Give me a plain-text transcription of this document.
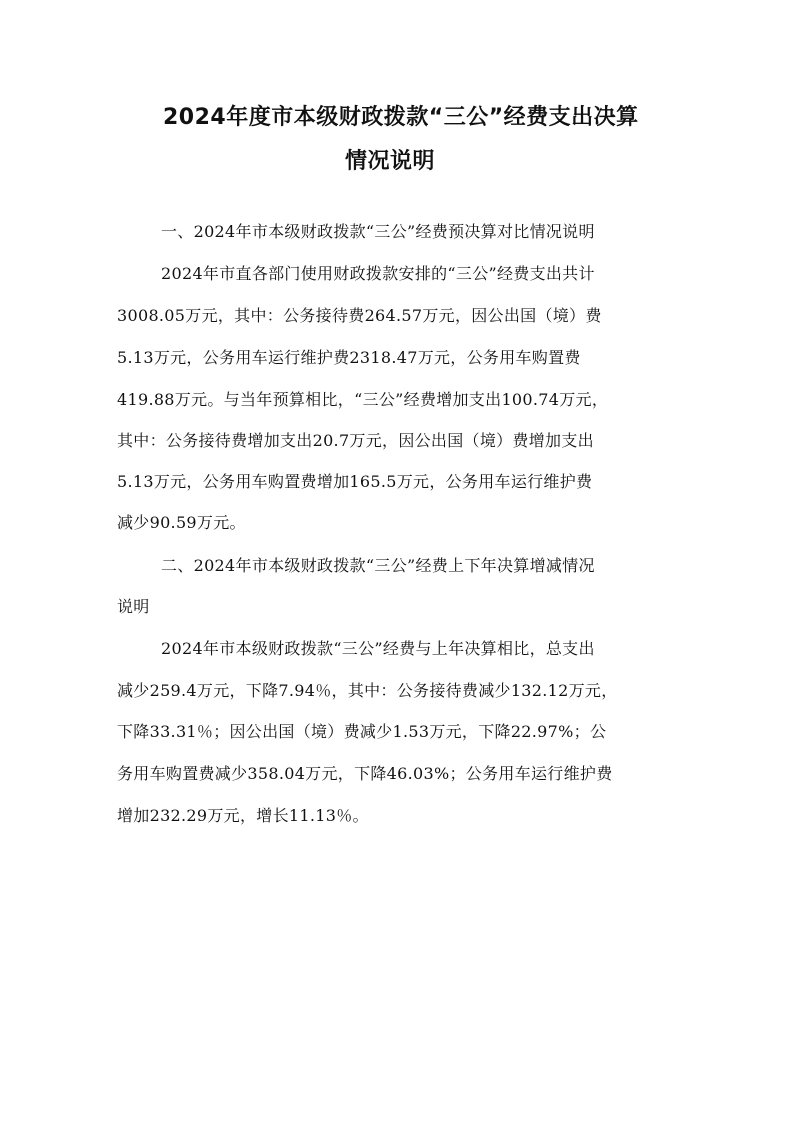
2024年度市本级财政拨款“三公”经费支出决算
情况说明
一、2024年市本级财政拨款“三公”经费预决算对比情况说明
2024年市直各部门使用财政拨款安排的“三公”经费支出共计
3008.05万元，其中：公务接待费264.57万元，因公出国（境）费
5.13万元，公务用车运行维护费2318.47万元，公务用车购置费
419.88万元。与当年预算相比，“三公”经费增加支出100.74万元，
其中：公务接待费增加支出20.7万元，因公出国（境）费增加支出
5.13万元，公务用车购置费增加165.5万元，公务用车运行维护费
减少90.59万元。
二、2024年市本级财政拨款“三公”经费上下年决算增减情况
说明
2024年市本级财政拨款“三公”经费与上年决算相比，总支出
减少259.4万元，下降7.94％，其中：公务接待费减少132.12万元，
下降33.31％；因公出国（境）费减少1.53万元，下降22.97%；公
务用车购置费减少358.04万元，下降46.03%；公务用车运行维护费
增加232.29万元，增长11.13％。
